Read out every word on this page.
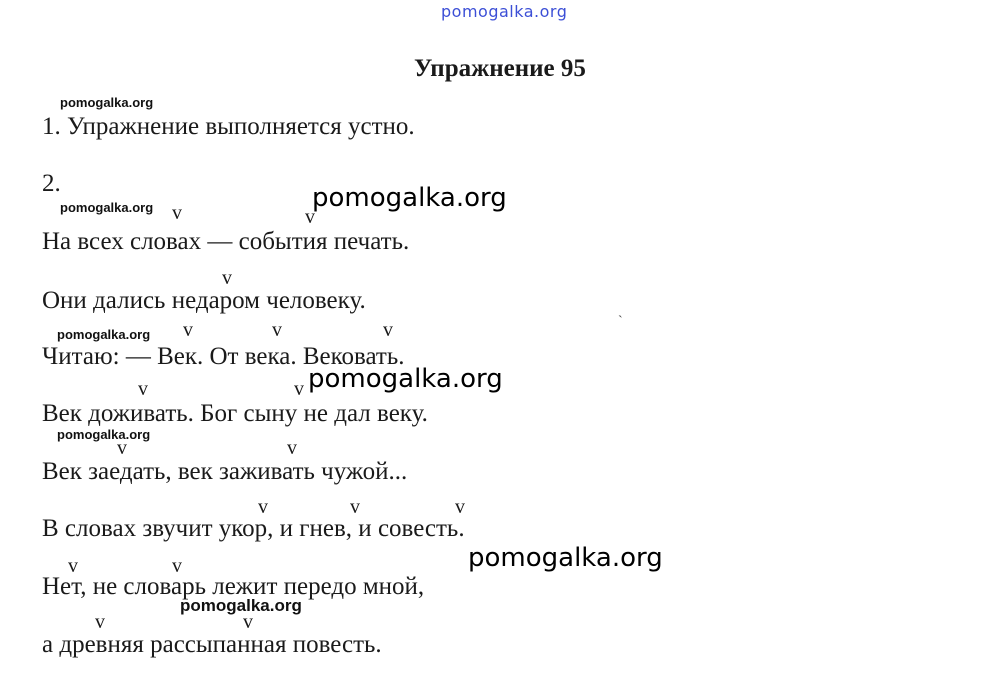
pomogalka.org
Упражнение 95
pomogalka.org
1. Упражнение выполняется устно.
2.
pomogalka.org	pomogalka.org
v	v
v
v	v	v
v	v
v	v
v	v	v
v	v
v	v
На всех словах — события печать.
Они дались недаром человеку.
pomogalka.org
Читаю: — Век. От века. Вековать.
pomogalka.org
Век доживать. Бог сыну не дал веку.
pomogalka.org
Век заедать, век заживать чужой...
В словах звучит укор, и гнев, и совесть.
pomogalka.org
Нет, не словарь лежит передо мной,
pomogalka.org
а древняя рассыпанная повесть.
`
